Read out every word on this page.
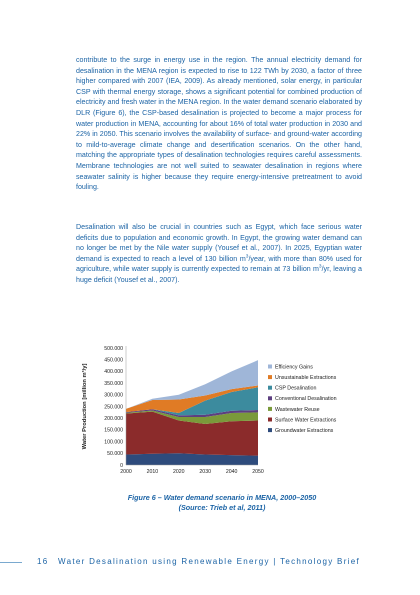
contribute to the surge in energy use in the region. The annual electricity demand for desalination in the MENA region is expected to rise to 122 TWh by 2030, a factor of three higher compared with 2007 (IEA, 2009). As already mentioned, solar energy, in particular CSP with thermal energy storage, shows a significant potential for combined production of electricity and fresh water in the MENA region. In the water demand scenario elaborated by DLR (Figure 6), the CSP-based desalination is projected to become a major process for water production in MENA, accounting for about 16% of total water production in 2030 and 22% in 2050. This scenario involves the availability of surface- and ground-water according to mild-to-average climate change and desertification scenarios. On the other hand, matching the appropriate types of desalination technologies requires careful assessments. Membrane technologies are not well suited to seawater desalination in regions where seawater salinity is higher because they require energy-intensive pretreatment to avoid fouling.

Desalination will also be crucial in countries such as Egypt, which face serious water deficits due to population and economic growth. In Egypt, the growing water demand can no longer be met by the Nile water supply (Yousef et al., 2007). In 2025, Egyptian water demand is expected to reach a level of 130 billion $m^3$/year, with more than 80% used for agriculture, while water supply is currently expected to remain at 73 billion $m^3/yr$, leaving a huge deficit (Yousef et al., 2007).

500.000
450.000
400.000
350.000
300.000
250.000
200.000
150.000
100.000
50.000
0
2000	2010	2020	2030	2040	2050
Efficiency Gains
Unsustainable Extractions
CSP Desalination
Conventional Desalination
Wastewater Reuse
Surface Water Extractions
Groundwater Extractions
Water Production [million m³/y]
Figure 6 – Water demand scenario in MENA, 2000–2050
(Source: Trieb et al, 2011)
16 Water Desalination using Renewable Energy | Technology Brief
